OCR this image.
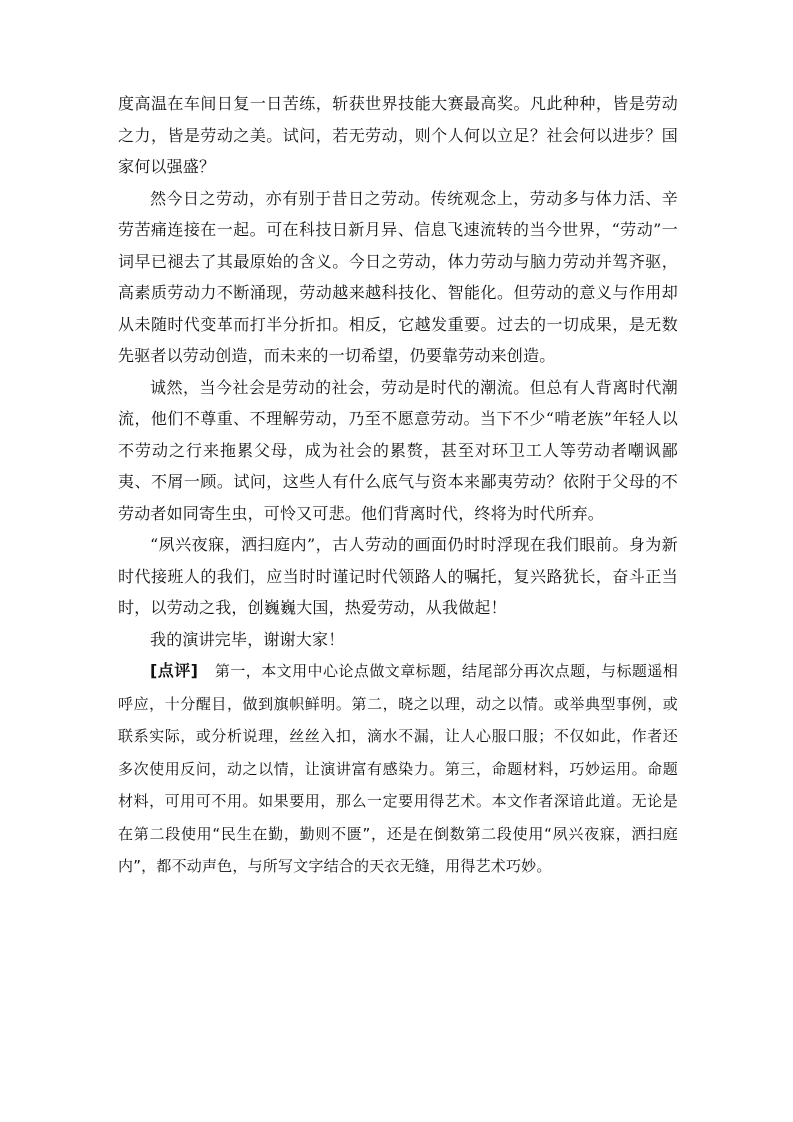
度高温在车间日复一日苦练，斩获世界技能大赛最高奖。凡此种种，皆是劳动之力，皆是劳动之美。试问，若无劳动，则个人何以立足？社会何以进步？国家何以强盛？

然今日之劳动，亦有别于昔日之劳动。传统观念上，劳动多与体力活、辛劳苦痛连接在一起。可在科技日新月异、信息飞速流转的当今世界，“劳动”一词早已褪去了其最原始的含义。今日之劳动，体力劳动与脑力劳动并驾齐驱，高素质劳动力不断涌现，劳动越来越科技化、智能化。但劳动的意义与作用却从未随时代变革而打半分折扣。相反，它越发重要。过去的一切成果，是无数先驱者以劳动创造，而未来的一切希望，仍要靠劳动来创造。

诚然，当今社会是劳动的社会，劳动是时代的潮流。但总有人背离时代潮流，他们不尊重、不理解劳动，乃至不愿意劳动。当下不少“啃老族”年轻人以不劳动之行来拖累父母，成为社会的累赘，甚至对环卫工人等劳动者嘲讽鄙夷、不屑一顾。试问，这些人有什么底气与资本来鄙夷劳动？依附于父母的不劳动者如同寄生虫，可怜又可悲。他们背离时代，终将为时代所弃。

“夙兴夜寐，洒扫庭内”，古人劳动的画面仍时时浮现在我们眼前。身为新时代接班人的我们，应当时时谨记时代领路人的嘱托，复兴路犹长，奋斗正当时，以劳动之我，创巍巍大国，热爱劳动，从我做起！

我的演讲完毕，谢谢大家！

[点评]　 第一，本文用中心论点做文章标题，结尾部分再次点题，与标题遥相呼应，十分醒目，做到旗帜鲜明。第二，晓之以理，动之以情。或举典型事例，或联系实际，或分析说理，丝丝入扣，滴水不漏，让人心服口服；不仅如此，作者还多次使用反问，动之以情，让演讲富有感染力。第三，命题材料，巧妙运用。命题材料，可用可不用。如果要用，那么一定要用得艺术。本文作者深谙此道。无论是在第二段使用“民生在勤，勤则不匮”，还是在倒数第二段使用“夙兴夜寐，洒扫庭内”，都不动声色，与所写文字结合的天衣无缝，用得艺术巧妙。
